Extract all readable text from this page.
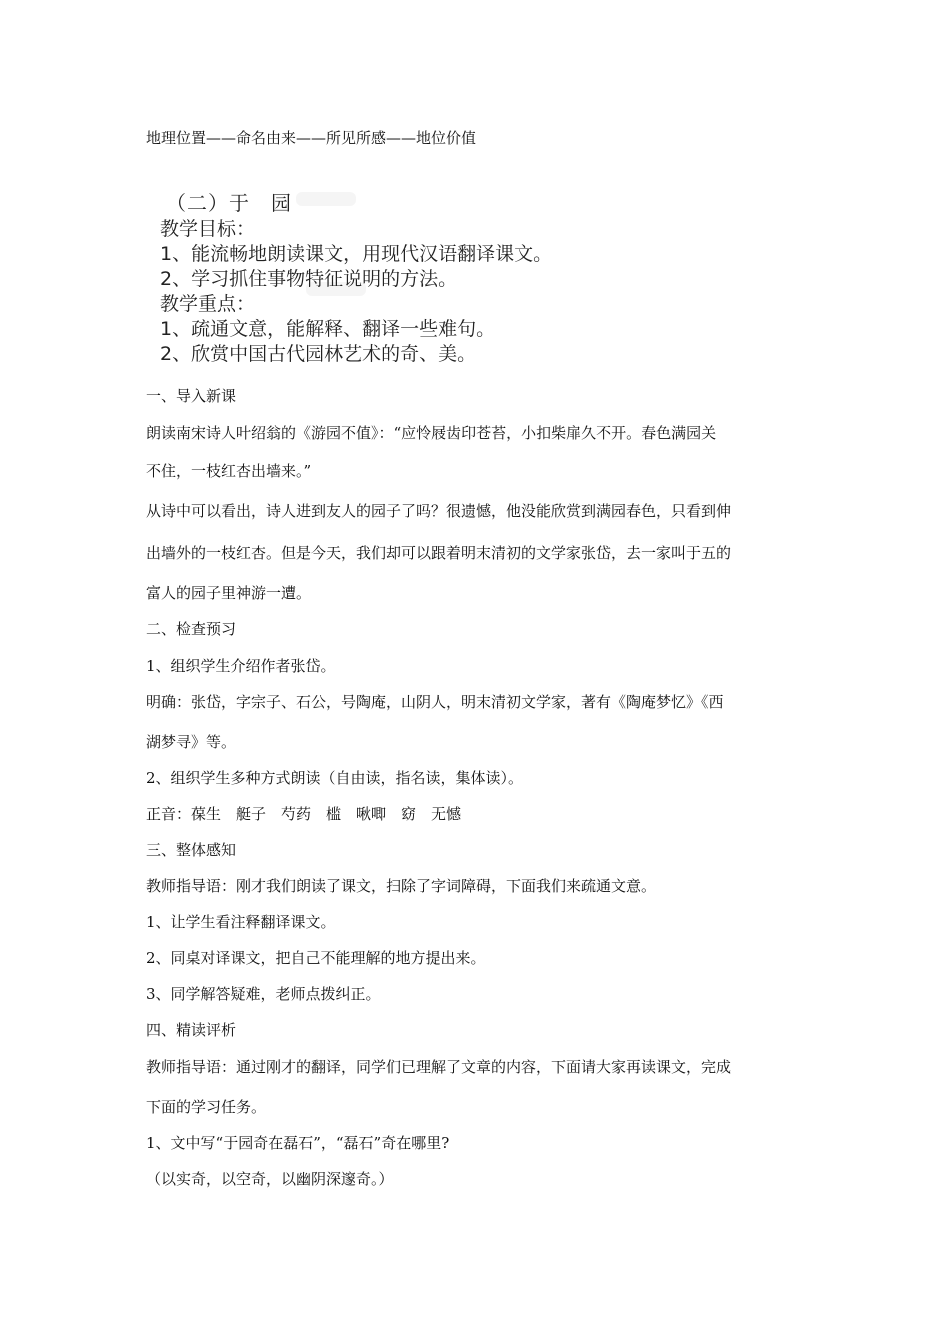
地理位置——命名由来——所见所感——地位价值
（二）于　园
教学目标：
1、能流畅地朗读课文，用现代汉语翻译课文。
2、学习抓住事物特征说明的方法。
教学重点：
1、疏通文意，能解释、翻译一些难句。
2、欣赏中国古代园林艺术的奇、美。
一、导入新课
朗读南宋诗人叶绍翁的《游园不值》：“应怜屐齿印苍苔，小扣柴扉久不开。春色满园关
不住，一枝红杏出墙来。”
从诗中可以看出，诗人进到友人的园子了吗？很遗憾，他没能欣赏到满园春色，只看到伸
出墙外的一枝红杏。但是今天，我们却可以跟着明末清初的文学家张岱，去一家叫于五的
富人的园子里神游一遭。
二、检查预习
1、组织学生介绍作者张岱。
明确：张岱，字宗子、石公，号陶庵，山阴人，明末清初文学家，著有《陶庵梦忆》《西
湖梦寻》等。
2、组织学生多种方式朗读（自由读，指名读，集体读）。
正音：葆生　艇子　芍药　槛　啾唧　窈　无憾
三、整体感知
教师指导语：刚才我们朗读了课文，扫除了字词障碍，下面我们来疏通文意。
1、让学生看注释翻译课文。
2、同桌对译课文，把自己不能理解的地方提出来。
3、同学解答疑难，老师点拨纠正。
四、精读评析
教师指导语：通过刚才的翻译，同学们已理解了文章的内容，下面请大家再读课文，完成
下面的学习任务。
1、文中写“于园奇在磊石”，“磊石”奇在哪里?
（以实奇，以空奇，以幽阴深邃奇。）
